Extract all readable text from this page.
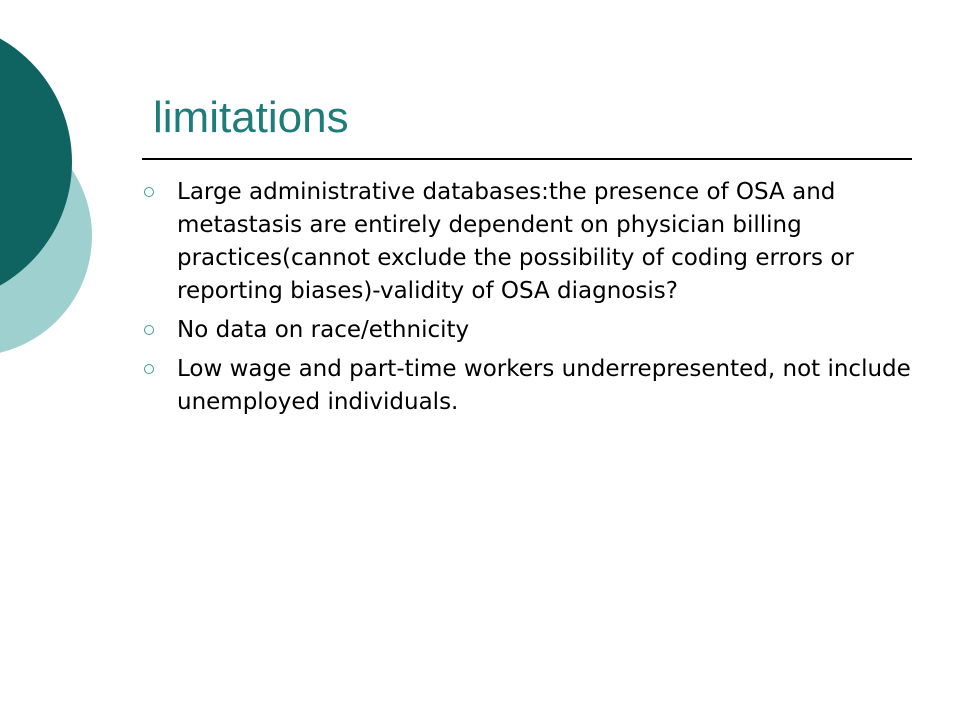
limitations
Large administrative databases:the presence of OSA and metastasis are entirely dependent on physician billing practices(cannot exclude the possibility of coding errors or reporting biases)-validity of OSA diagnosis?
No data on race/ethnicity
Low wage and part-time workers underrepresented, not include unemployed individuals.
